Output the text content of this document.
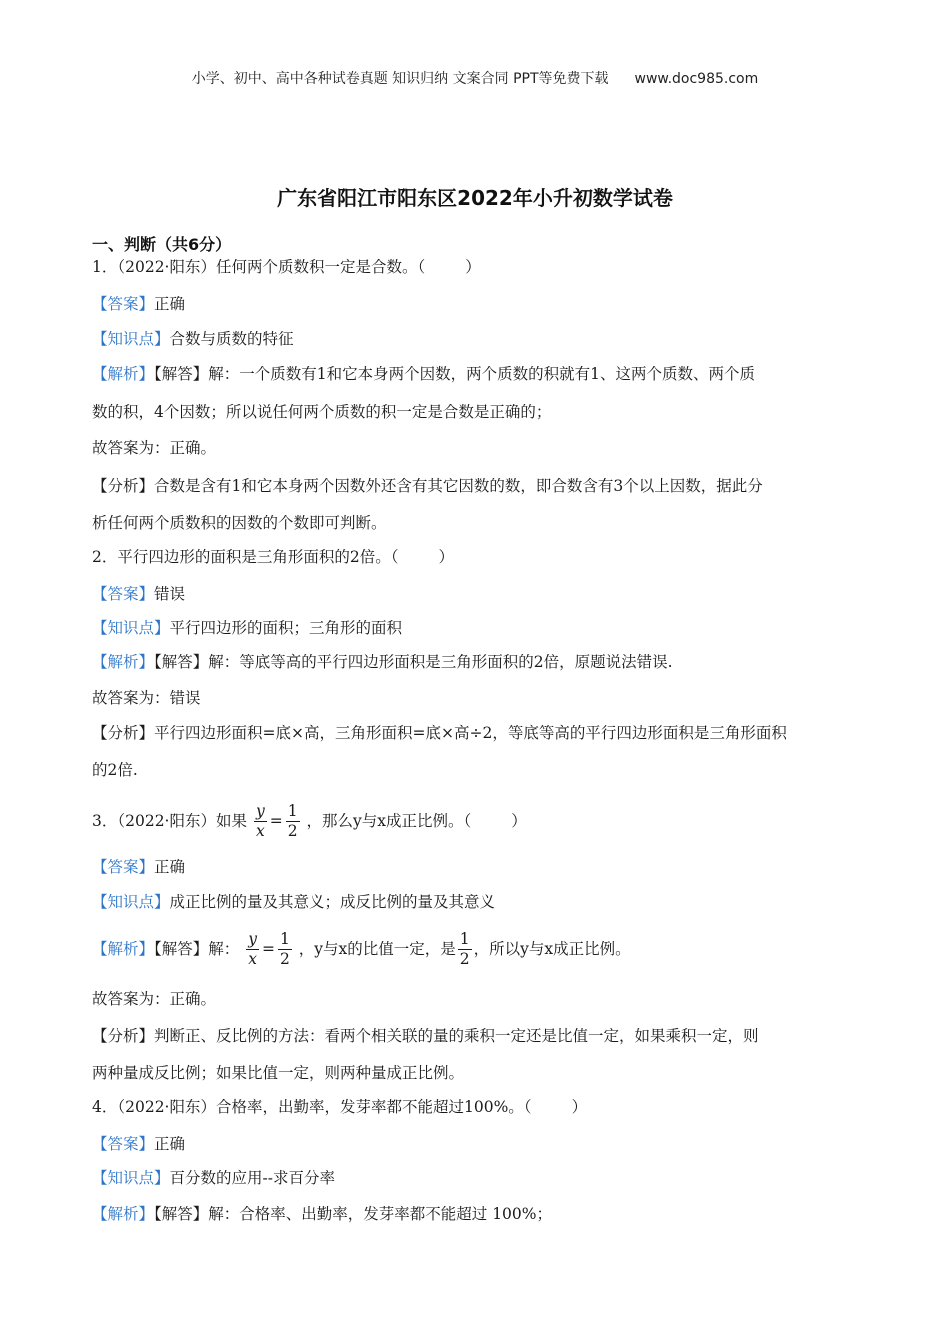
小学、初中、高中各种试卷真题 知识归纳 文案合同 PPT等免费下载 www.doc985.com
广东省阳江市阳东区2022年小升初数学试卷
一、判断（共6分）
1．（2022·阳东）任何两个质数积一定是合数。（	）
【答案】正确
【知识点】合数与质数的特征
【解析】【解答】解：一个质数有1和它本身两个因数，两个质数的积就有1、这两个质数、两个质
数的积，4个因数；所以说任何两个质数的积一定是合数是正确的；
故答案为：正确。
【分析】合数是含有1和它本身两个因数外还含有其它因数的数，即合数含有3个以上因数，据此分
析任何两个质数积的因数的个数即可判断。
2．平行四边形的面积是三角形面积的2倍。（	）
【答案】错误
【知识点】平行四边形的面积；三角形的面积
【解析】【解答】解：等底等高的平行四边形面积是三角形面积的2倍，原题说法错误.
故答案为：错误
【分析】平行四边形面积=底×高，三角形面积=底×高÷2，等底等高的平行四边形面积是三角形面积
的2倍.
3．（2022·阳东）如果 $\frac{y}{x} = \frac{1}{2}$ ，那么y与x成正比例。（	）
【答案】正确
【知识点】成正比例的量及其意义；成反比例的量及其意义
【解析】【解答】解： $\frac{y}{x} = \frac{1}{2}$ ，y与x的比值一定，是 $\frac{1}{2}$ ，所以y与x成正比例。
故答案为：正确。
【分析】判断正、反比例的方法：看两个相关联的量的乘积一定还是比值一定，如果乘积一定，则
两种量成反比例；如果比值一定，则两种量成正比例。
4．（2022·阳东）合格率，出勤率，发芽率都不能超过100%。（	）
【答案】正确
【知识点】百分数的应用--求百分率
【解析】【解答】解：合格率、出勤率，发芽率都不能超过 100%；
